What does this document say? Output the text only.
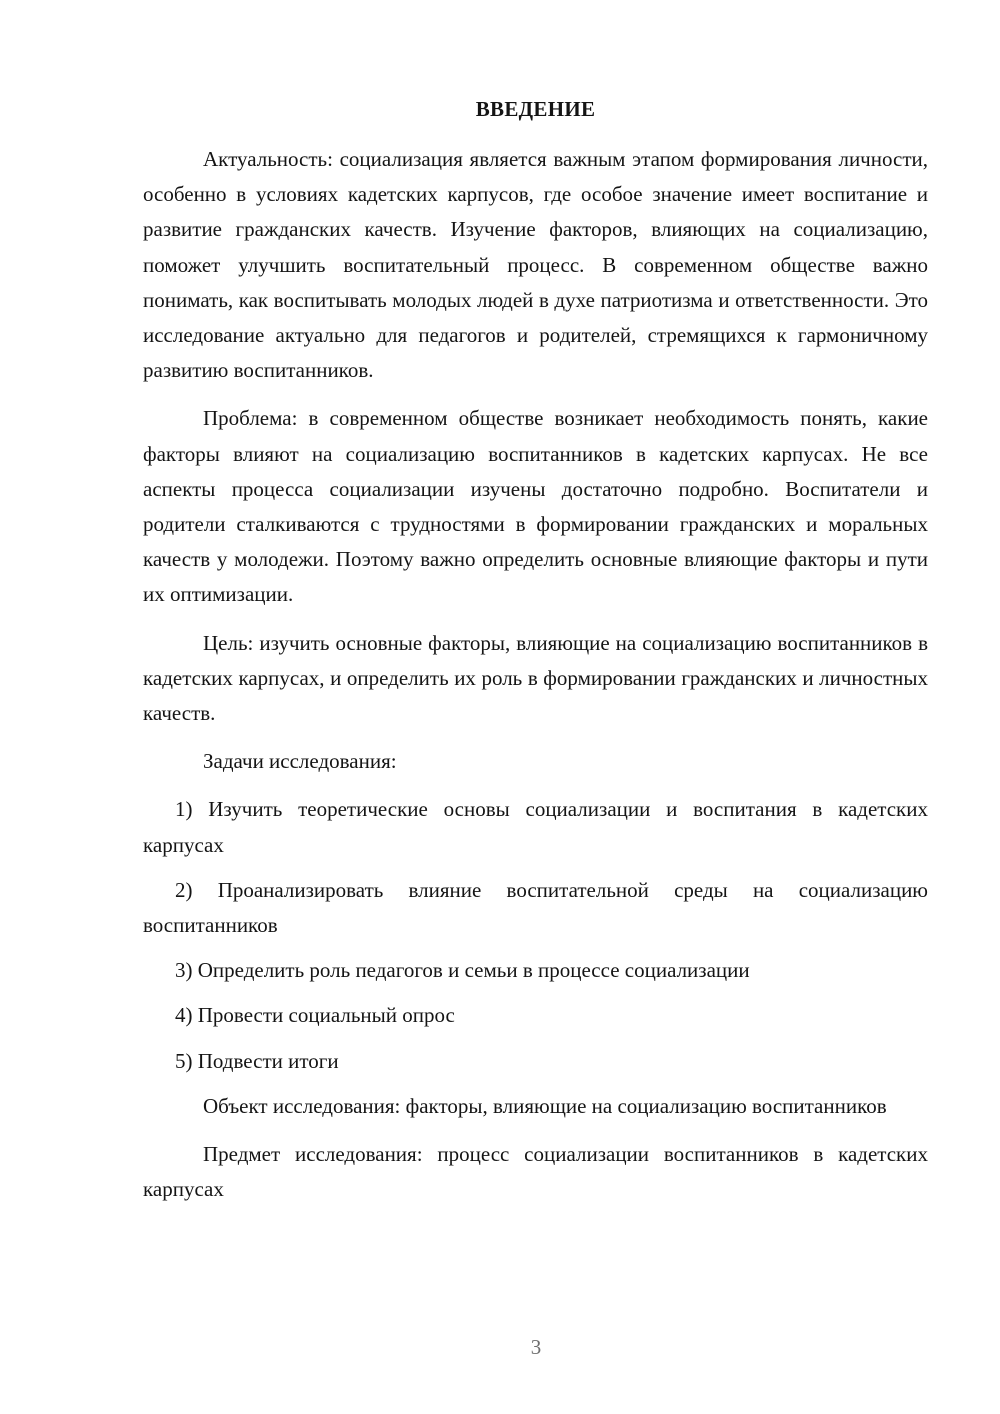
ВВЕДЕНИЕ

Актуальность: социализация является важным этапом формирования личности, особенно в условиях кадетских карпусов, где особое значение имеет воспитание и развитие гражданских качеств. Изучение факторов, влияющих на социализацию, поможет улучшить воспитательный процесс. В современном обществе важно понимать, как воспитывать молодых людей в духе патриотизма и ответственности. Это исследование актуально для педагогов и родителей, стремящихся к гармоничному развитию воспитанников.

Проблема: в современном обществе возникает необходимость понять, какие факторы влияют на социализацию воспитанников в кадетских карпусах. Не все аспекты процесса социализации изучены достаточно подробно. Воспитатели и родители сталкиваются с трудностями в формировании гражданских и моральных качеств у молодежи. Поэтому важно определить основные влияющие факторы и пути их оптимизации.

Цель: изучить основные факторы, влияющие на социализацию воспитанников в кадетских карпусах, и определить их роль в формировании гражданских и личностных качеств.

Задачи исследования:

1) Изучить теоретические основы социализации и воспитания в кадетских карпусах

2) Проанализировать влияние воспитательной среды на социализацию воспитанников

3) Определить роль педагогов и семьи в процессе социализации

4) Провести социальный опрос

5) Подвести итоги

Объект исследования: факторы, влияющие на социализацию воспитанников

Предмет исследования: процесс социализации воспитанников в кадетских карпусах

3
